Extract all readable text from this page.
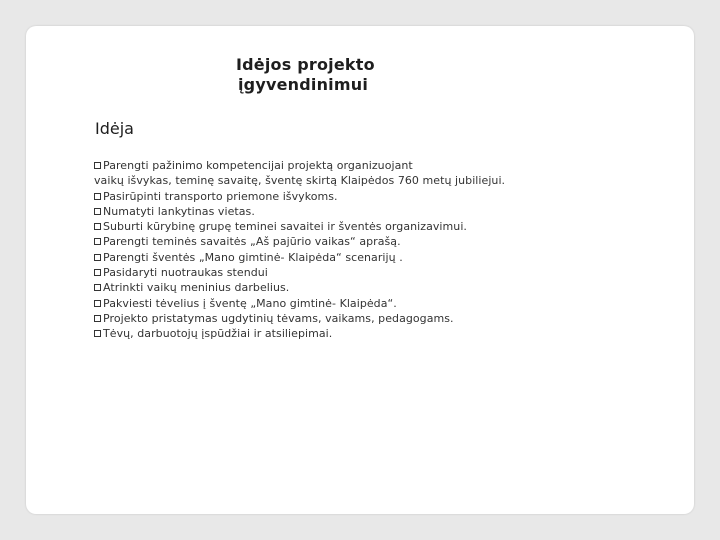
Idėjos projekto
įgyvendinimui
Idėja
Parengti pažinimo kompetencijai projektą organizuojant
vaikų išvykas, teminę savaitę, šventę skirtą Klaipėdos 760 metų jubiliejui.
Pasirūpinti transporto priemone išvykoms.
Numatyti lankytinas vietas.
Suburti kūrybinę grupę teminei savaitei ir šventės organizavimui.
Parengti teminės savaitės „Aš pajūrio vaikas“ aprašą.
Parengti šventės „Mano gimtinė- Klaipėda“ scenarijų .
Pasidaryti nuotraukas stendui
Atrinkti vaikų meninius darbelius.
Pakviesti tėvelius į šventę „Mano gimtinė- Klaipėda“.
Projekto pristatymas ugdytinių tėvams, vaikams, pedagogams.
Tėvų, darbuotojų įspūdžiai ir atsiliepimai.
